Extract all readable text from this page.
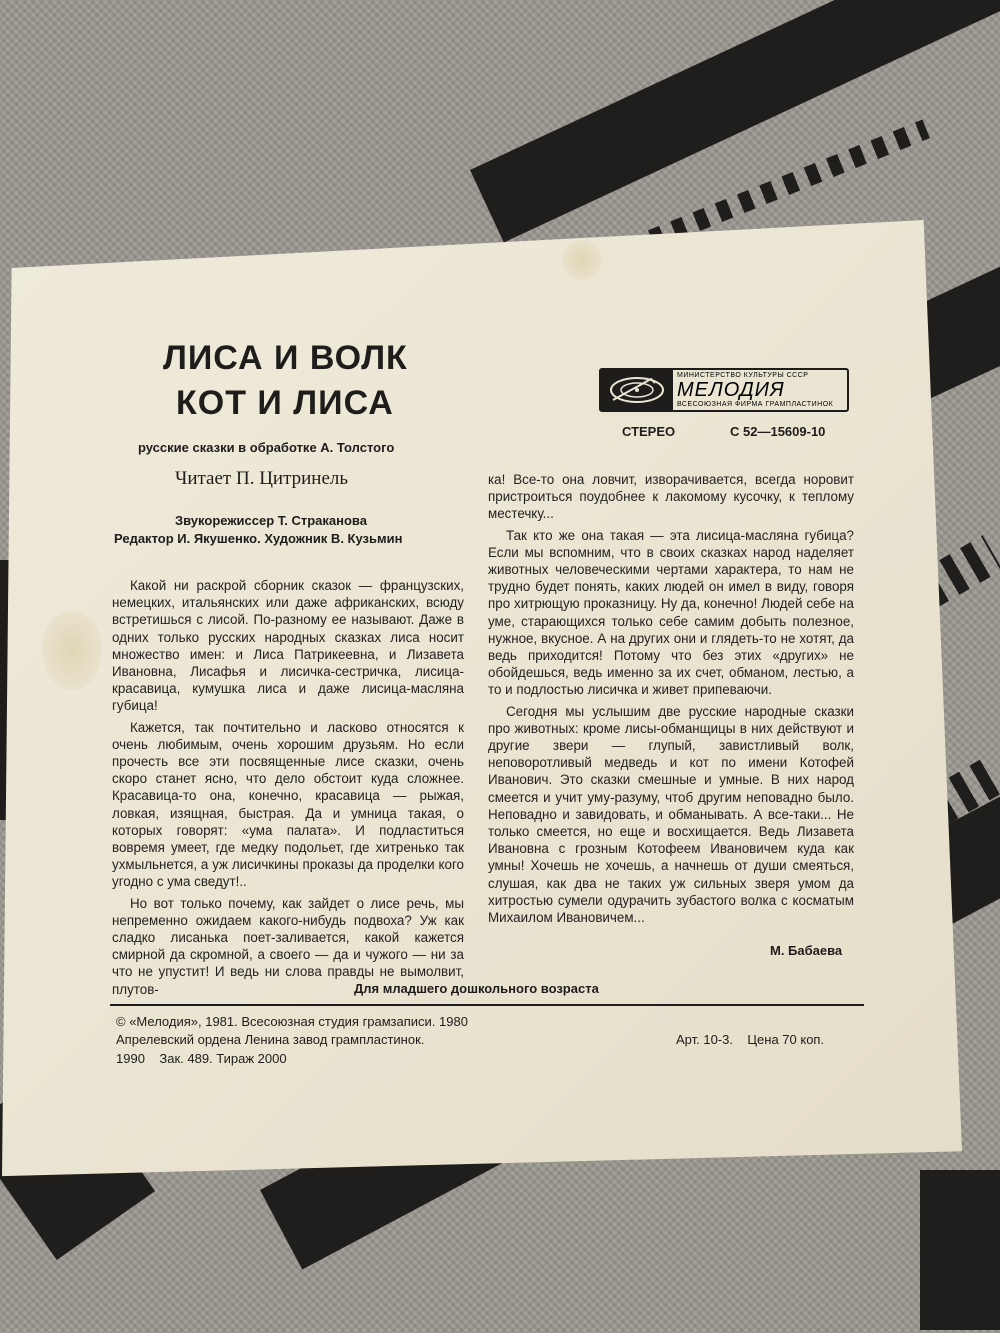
ЛИСА И ВОЛК
КОТ И ЛИСА
русские сказки в обработке А. Толстого
Читает П. Цитринель
Звукорежиссер Т. Страканова
Редактор И. Якушенко. Художник В. Кузьмин
МИНИСТЕРСТВО КУЛЬТУРЫ СССР
МЕЛОДИЯ
ВСЕСОЮЗНАЯ ФИРМА ГРАМПЛАСТИНОК
СТЕРЕО	С 52—15609-10

Какой ни раскрой сборник сказок — французских, немецких, итальянских или даже африканских, всюду встретишься с лисой. По-разному ее называют. Даже в одних только русских народных сказках лиса носит множество имен: и Лиса Патрикеевна, и Лизавета Ивановна, Лисафья и лисичка-сестричка, лисица-красавица, кумушка лиса и даже лисица-масляна губица!

Кажется, так почтительно и ласково относятся к очень любимым, очень хорошим друзьям. Но если прочесть все эти посвященные лисе сказки, очень скоро станет ясно, что дело обстоит куда сложнее. Красавица-то она, конечно, красавица — рыжая, ловкая, изящная, быстрая. Да и умница такая, о которых говорят: «ума палата». И подластиться вовремя умеет, где медку подольет, где хитренько так ухмыльнется, а уж лисичкины проказы да проделки кого угодно с ума сведут!..

Но вот только почему, как зайдет о лисе речь, мы непременно ожидаем какого-нибудь подвоха? Уж как сладко лисанька поет-заливается, какой кажется смирной да скромной, а своего — да и чужого — ни за что не упустит! И ведь ни слова правды не вымолвит, плутов-

ка! Все-то она ловчит, изворачивается, всегда норовит пристроиться поудобнее к лакомому кусочку, к теплому местечку...

Так кто же она такая — эта лисица-масляна губица? Если мы вспомним, что в своих сказках народ наделяет животных человеческими чертами характера, то нам не трудно будет понять, каких людей он имел в виду, говоря про хитрющую проказницу. Ну да, конечно! Людей себе на уме, старающихся только себе самим добыть полезное, нужное, вкусное. А на других они и глядеть-то не хотят, да ведь приходится! Потому что без этих «других» не обойдешься, ведь именно за их счет, обманом, лестью, а то и подлостью лисичка и живет припеваючи.

Сегодня мы услышим две русские народные сказки про животных: кроме лисы-обманщицы в них действуют и другие звери — глупый, завистливый волк, неповоротливый медведь и кот по имени Котофей Иванович. Это сказки смешные и умные. В них народ смеется и учит уму-разуму, чтоб другим неповадно было. Неповадно и завидовать, и обманывать. А все-таки... Не только смеется, но еще и восхищается. Ведь Лизавета Ивановна с грозным Котофеем Ивановичем куда как умны! Хочешь не хочешь, а начнешь от души смеяться, слушая, как два не таких уж сильных зверя умом да хитростью сумели одурачить зубастого волка с косматым Михаилом Ивановичем...

М. Бабаева
Для младшего дошкольного возраста
© «Мелодия», 1981. Всесоюзная студия грамзаписи. 1980
Апрелевский ордена Ленина завод грампластинок.
1990    Зак. 489. Тираж 2000
Арт. 10-3.    Цена 70 коп.
